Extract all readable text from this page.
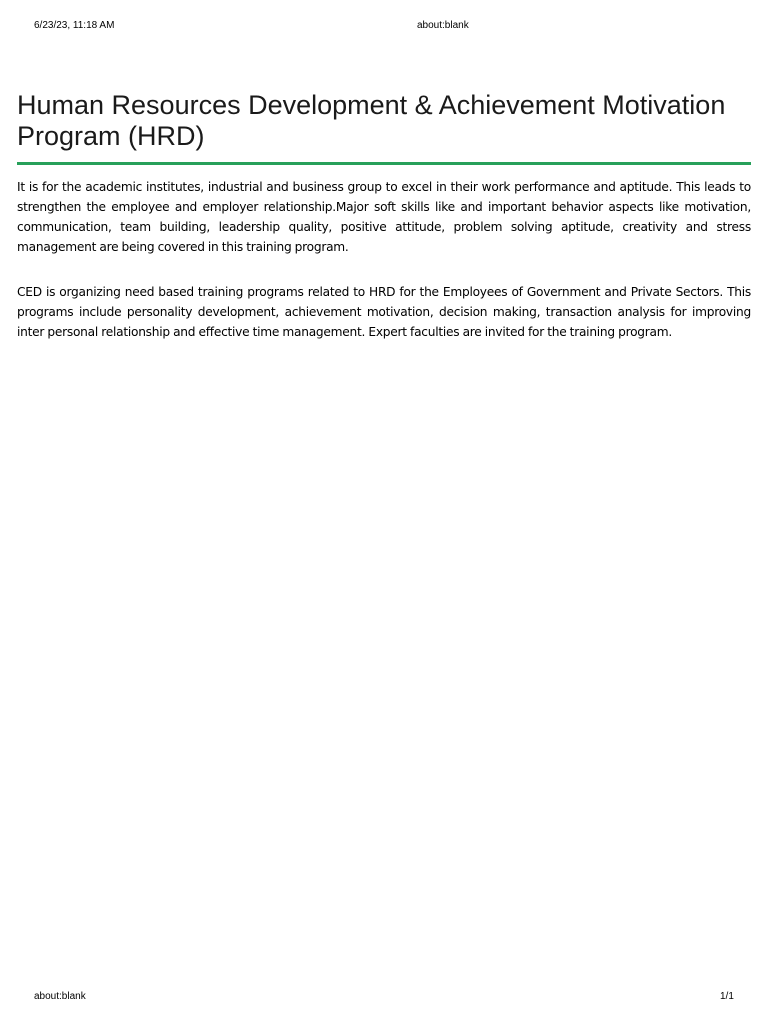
6/23/23, 11:18 AM	about:blank
Human Resources Development & Achievement Motivation Program (HRD)

It is for the academic institutes, industrial and business group to excel in their work performance and aptitude. This leads to strengthen the employee and employer relationship.Major soft skills like and important behavior aspects like motivation, communication, team building, leadership quality, positive attitude, problem solving aptitude, creativity and stress management are being covered in this training program.

CED is organizing need based training programs related to HRD for the Employees of Government and Private Sectors. This programs include personality development, achievement motivation, decision making, transaction analysis for improving inter personal relationship and effective time management. Expert faculties are invited for the training program.

about:blank	1/1
